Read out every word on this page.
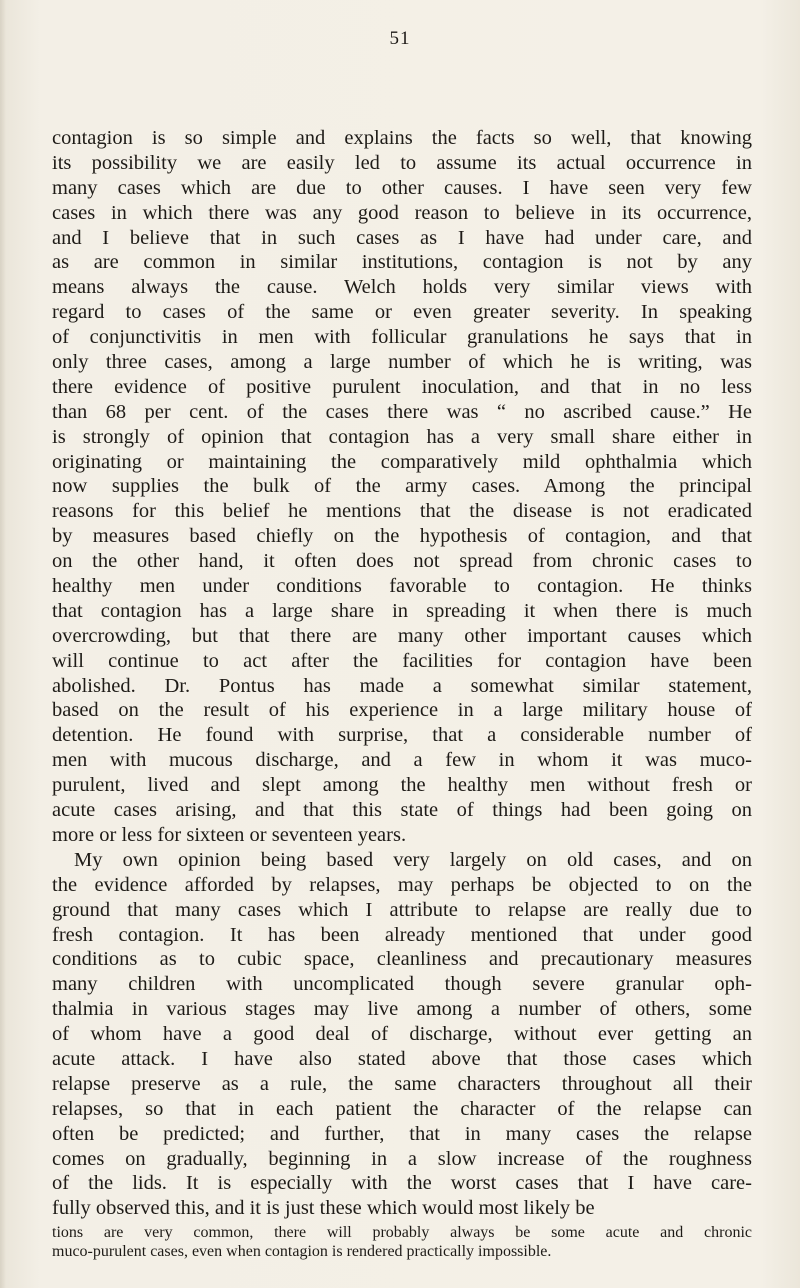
51
contagion is so simple and explains the facts so well, that knowing
its possibility we are easily led to assume its actual occurrence in
many cases which are due to other causes. I have seen very few
cases in which there was any good reason to believe in its occurrence,
and I believe that in such cases as I have had under care, and
as are common in similar institutions, contagion is not by any
means always the cause. Welch holds very similar views with
regard to cases of the same or even greater severity. In speaking
of conjunctivitis in men with follicular granulations he says that in
only three cases, among a large number of which he is writing, was
there evidence of positive purulent inoculation, and that in no less
than 68 per cent. of the cases there was “ no ascribed cause.” He
is strongly of opinion that contagion has a very small share either in
originating or maintaining the comparatively mild ophthalmia which
now supplies the bulk of the army cases. Among the principal
reasons for this belief he mentions that the disease is not eradicated
by measures based chiefly on the hypothesis of contagion, and that
on the other hand, it often does not spread from chronic cases to
healthy men under conditions favorable to contagion. He thinks
that contagion has a large share in spreading it when there is much
overcrowding, but that there are many other important causes which
will continue to act after the facilities for contagion have been
abolished. Dr. Pontus has made a somewhat similar statement,
based on the result of his experience in a large military house of
detention. He found with surprise, that a considerable number of
men with mucous discharge, and a few in whom it was muco-
purulent, lived and slept among the healthy men without fresh or
acute cases arising, and that this state of things had been going on
more or less for sixteen or seventeen years.
My own opinion being based very largely on old cases, and on
the evidence afforded by relapses, may perhaps be objected to on the
ground that many cases which I attribute to relapse are really due to
fresh contagion. It has been already mentioned that under good
conditions as to cubic space, cleanliness and precautionary measures
many children with uncomplicated though severe granular oph-
thalmia in various stages may live among a number of others, some
of whom have a good deal of discharge, without ever getting an
acute attack. I have also stated above that those cases which
relapse preserve as a rule, the same characters throughout all their
relapses, so that in each patient the character of the relapse can
often be predicted; and further, that in many cases the relapse
comes on gradually, beginning in a slow increase of the roughness
of the lids. It is especially with the worst cases that I have care-
fully observed this, and it is just these which would most likely be
tions are very common, there will probably always be some acute and chronic
muco-purulent cases, even when contagion is rendered practically impossible.
